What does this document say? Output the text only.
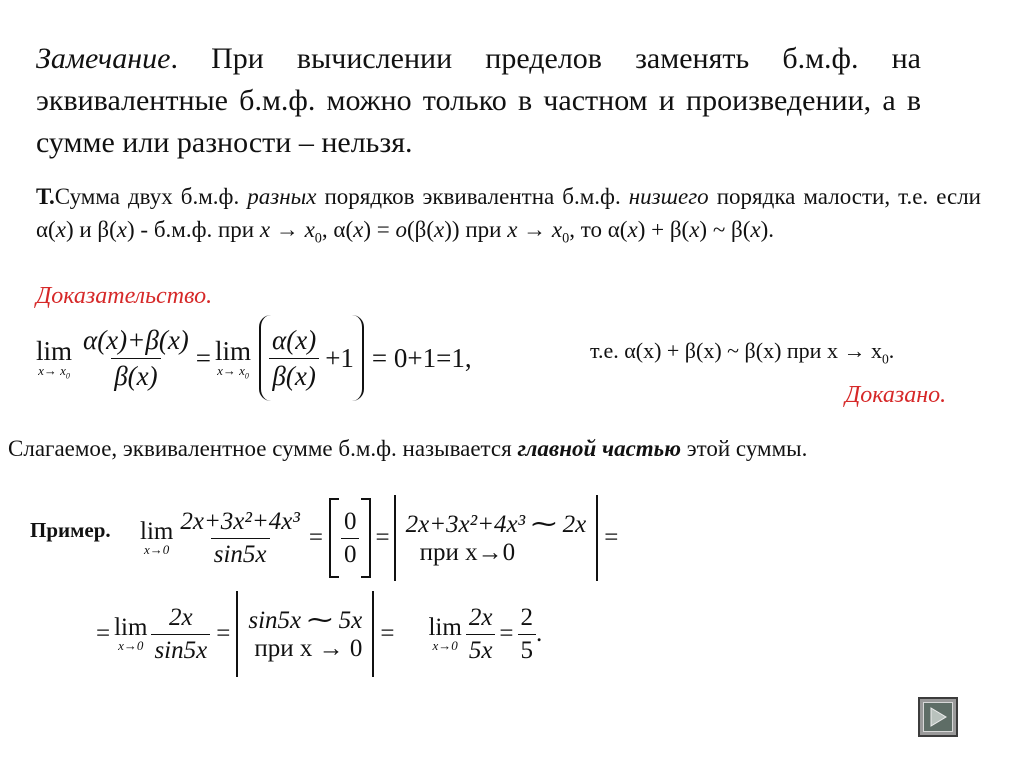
Замечание. При вычислении пределов заменять б.м.ф. на эквивалентные б.м.ф. можно только в частном и произведении, а в сумме или разности – нельзя.
Т.Сумма двух б.м.ф. разных порядков эквивалентна б.м.ф. низшего порядка малости, т.е. если α(x) и β(x) - б.м.ф. при $x \to x_0$, α(x) = o(β(x)) при $x \to x_0$, то α(x) + β(x) ~ β(x).
Доказательство.
lim
$x\to x_0 \frac{\alpha(x)+\beta(x)}{\beta(x)} = \lim$
$x\to x_0 \frac{\alpha(x)}{\beta(x)} +1 = 0+1=1$,	т.е. α(x) + β(x) ~ β(x) при $x \to x_0$.
Доказано.
Слагаемое, эквивалентное сумме б.м.ф. называется главной частью этой суммы.
Пример. lim
$x\to 0 \frac{\text{2x+3x²+4x³}}{\sin 5x} = \frac{0}{0} = 2x+3x^2+4x^3$ ⁓ 2x
при x→0
=
= lim
$x\to 0 \frac{2x}{\sin 5x} = \sin 5x$ ⁓ 5x
при x → 0
= lim
$x\to 0 \frac{2x}{5x} = \frac{2}{5}$ .
